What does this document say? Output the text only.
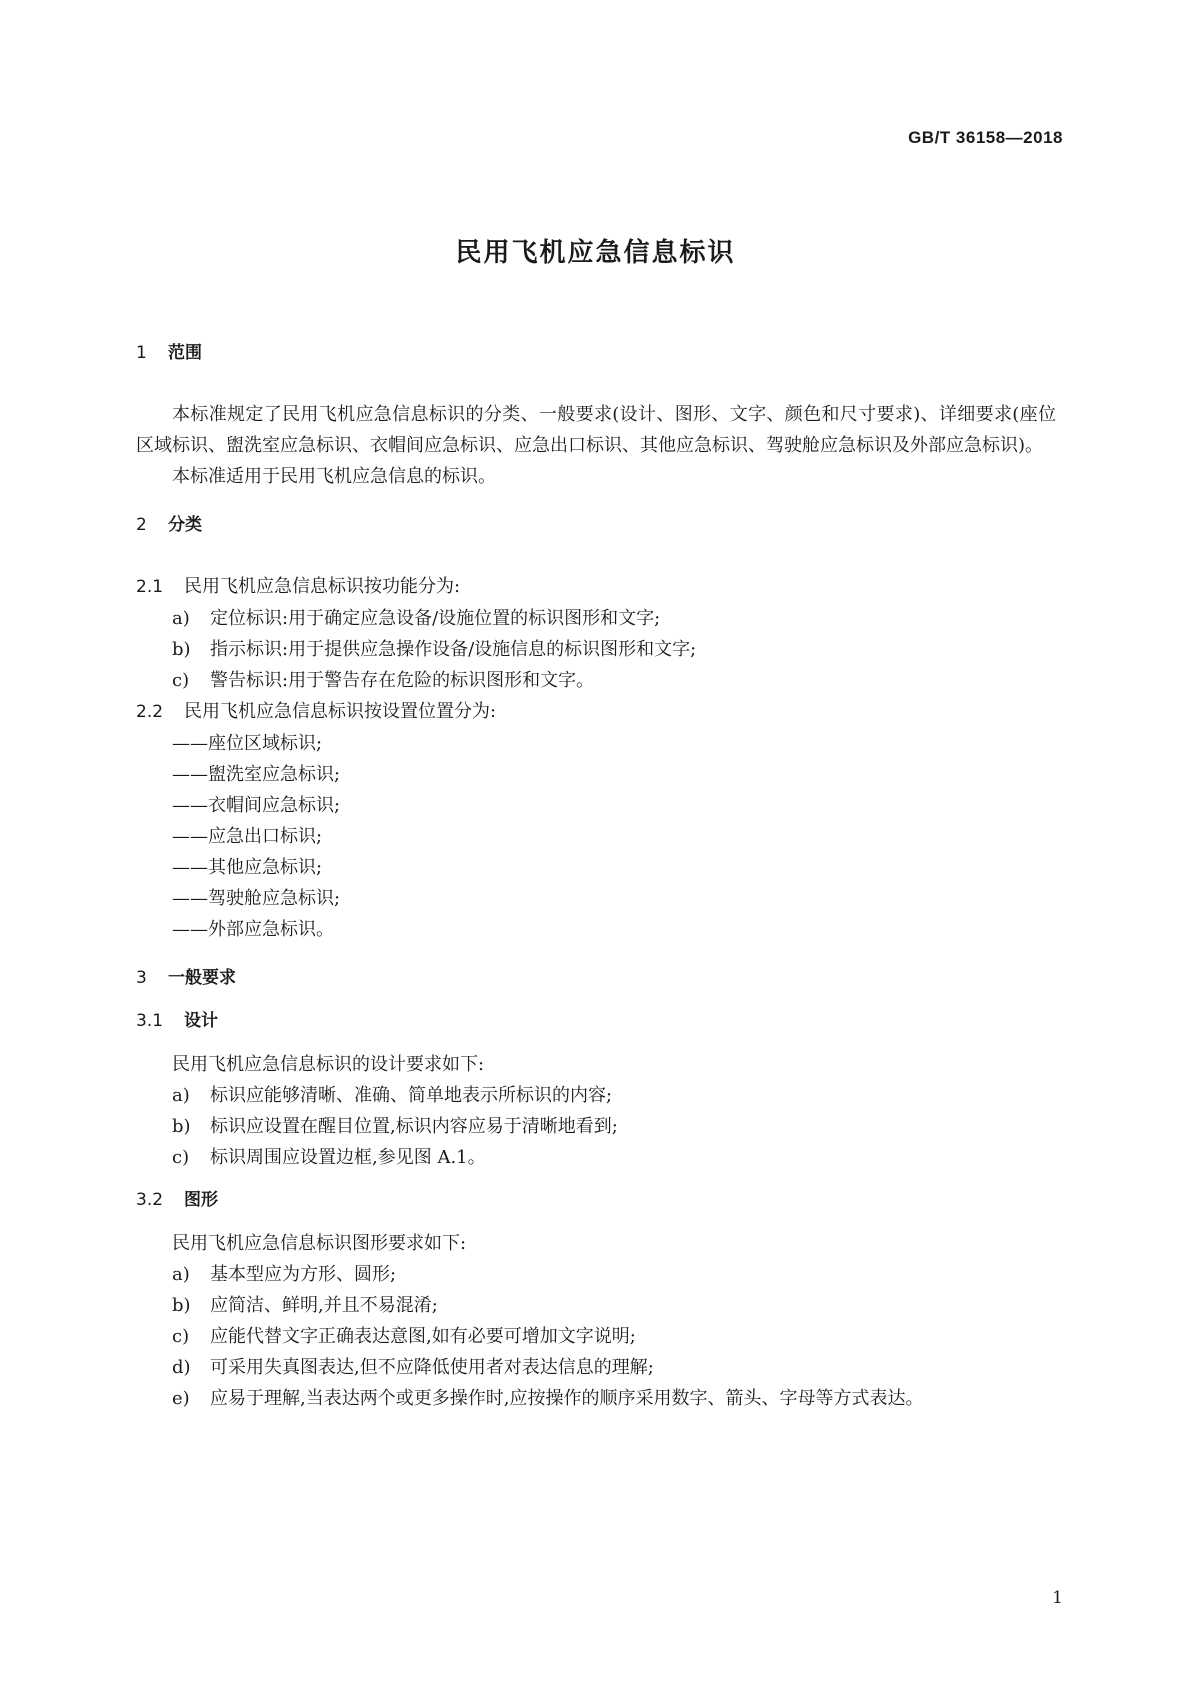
GB/T 36158—2018
民用飞机应急信息标识

1 范围

本标准规定了民用飞机应急信息标识的分类、一般要求(设计、图形、文字、颜色和尺寸要求)、详细要求(座位区域标识、盥洗室应急标识、衣帽间应急标识、应急出口标识、其他应急标识、驾驶舱应急标识及外部应急标识)。

本标准适用于民用飞机应急信息的标识。

2 分类

2.1 民用飞机应急信息标识按功能分为:

a) 定位标识:用于确定应急设备/设施位置的标识图形和文字;
b) 指示标识:用于提供应急操作设备/设施信息的标识图形和文字;
c) 警告标识:用于警告存在危险的标识图形和文字。

2.2 民用飞机应急信息标识按设置位置分为:

——座位区域标识;
——盥洗室应急标识;
——衣帽间应急标识;
——应急出口标识;
——其他应急标识;
——驾驶舱应急标识;
——外部应急标识。

3 一般要求

3.1 设计

民用飞机应急信息标识的设计要求如下:

a) 标识应能够清晰、准确、简单地表示所标识的内容;
b) 标识应设置在醒目位置,标识内容应易于清晰地看到;
c) 标识周围应设置边框,参见图 A.1。

3.2 图形

民用飞机应急信息标识图形要求如下:

a) 基本型应为方形、圆形;
b) 应简洁、鲜明,并且不易混淆;
c) 应能代替文字正确表达意图,如有必要可增加文字说明;
d) 可采用失真图表达,但不应降低使用者对表达信息的理解;
e) 应易于理解,当表达两个或更多操作时,应按操作的顺序采用数字、箭头、字母等方式表达。
1
